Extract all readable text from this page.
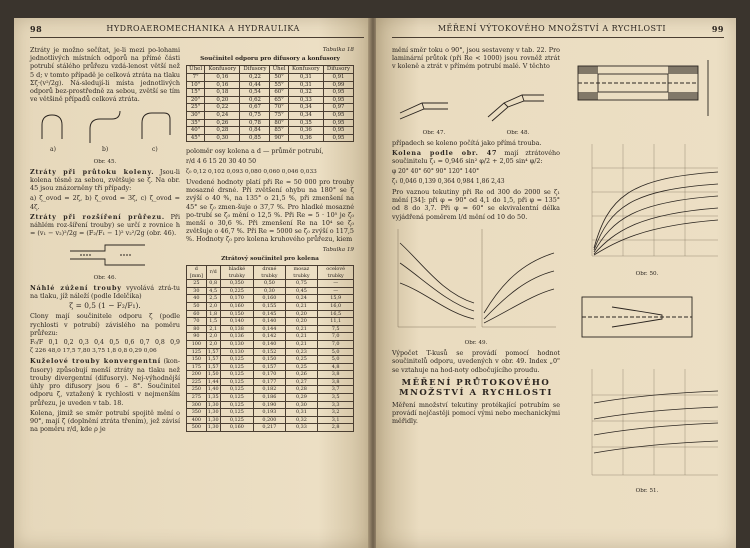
98	HYDROAEROMECHANIKA A HYDRAULIKA

Ztráty je možno sečítat, je-li mezi po-lohami jednotlivých místních odporů na přímé části potrubí stálého průřezu vzdá-lenost větší než 5 d; v tomto případě je celková ztráta na tlaku Σζ·(v²/2g). Ná-sledují-li místa jednotlivých odporů bez-prostředně za sebou, zvětší se tím ve většině případů celková ztráta.

a)	b)	c)
Obr. 45.

Ztráty při průtoku koleny. Jsou-li kolena těsně za sebou, zvětšuje se ζ. Na obr. 45 jsou znázorněny tři případy:

a) ζ_ovod = 2ζ, b) ζ_ovod = 3ζ, c) ζ_ovod = 4ζ.

Ztráty při rozšíření průřezu. Při náhlém roz-šíření trouby) se určí z rovnice h = (v₁ − v₂)²/2g = (F₂/F₁ − 1)² v₂²/2g (obr. 46).

Obr. 46.

Náhlé zúžení trouby vyvolává ztrá-tu na tlaku, jíž náleží (podle Idelčika)

ζ = 0,5 (1 − F₂/F₁).

Clony mají součinitele odporu ζ (podle rychlosti v potrubí) závislého na poměru průřezu:

F₀/F 0,1 0,2 0,3 0,4 0,5 0,6 0,7 0,8 0,9

ζ 226 48,0 17,5 7,80 3,75 1,8 0,8 0,29 0,06

Kuželové trouby konvergentní (kon-fusory) způsobují menší ztráty na tlaku než trouby divergentní (difusory). Nej-výhodnější úhly pro difusory jsou 6 – 8°. Součinitel odporu ζ, vztažený k rychlosti v nejmenším průřezu, je uveden v tab. 18.

Kolena, jimiž se směr potrubí spojitě mění o 90°, mají ζ (doplnění ztráta třením), jež závisí na poměru r/d, kde ρ je

Tabulka 18
Součinitel odporu pro difusory a konfusory
Úhel	Konfusory	Difusory	Úhel	Konfusory	Difusory
7°	0,16	0,22	50°	0,31	0,91
10°	0,16	0,44	55°	0,31	0,99
15°	0,18	0,54	60°	0,32	0,95
20°	0,20	0,62	65°	0,33	0,95
25°	0,22	0,67	70°	0,34	0,97
30°	0,24	0,75	75°	0,34	0,95
35°	0,26	0,78	80°	0,35	0,95
40°	0,28	0,84	85°	0,36	0,95
45°	0,30	0,85	90°	0,36	0,95

poloměr osy kolena a d — průměr potrubí,

r/d 4 6 15 20 30 40 50

ζ₀ 0,12 0,102 0,093 0,080 0,060 0,046 0,033

Uvedené hodnoty platí při Re = 50 000 pro trouby mosazné drsné. Při zvětšení ohybu na 180° se ζ zvýší o 40 %, na 135° o 21,5 %, při zmenšení na 45° se ζ₀ zmen-šuje o 37,7 %. Pro hladké mosazné po-trubí se ζ₀ mění o 12,5 %. Při Re = 5 · 10⁵ je ζ₀ menší o 30,6 %. Při zmenšení Re na 10⁴ se ζ₀ zvětšuje o 46,7 %. Při Re = 5000 se ζ₀ zvýší o 117,5 %. Hodnoty ζ₀ pro kolena kruhového průřezu, kiem

Tabulka 19
Ztrátový součinitel pro kolena
d [mm]	r/d	hladké trubky	drsné trubky	mosaz trubky	ocelové trubky
25	0,8	0,350	0,50	0,75	—
30	4,5	0,225	0,30	0,45	—
40	2,5	0,170	0,160	0,24	15,9
50	2,0	0,160	0,155	0,21	16,0
60	1,8	0,150	0,145	0,20	16,5
70	1,5	0,140	0,140	0,20	11,1
80	2,1	0,138	0,144	0,21	7,5
90	2,0	0,136	0,142	0,21	7,0
100	2,0	0,130	0,140	0,21	7,0
125	1,57	0,130	0,152	0,23	5,0
150	1,57	0,125	0,150	0,25	5,0
175	1,57	0,125	0,157	0,25	4,8
200	1,50	0,125	0,170	0,26	3,8
225	1,44	0,125	0,177	0,27	3,8
250	1,40	0,125	0,182	0,28	3,7
275	1,35	0,125	0,186	0,29	3,5
300	1,30	0,125	0,190	0,30	3,3
350	1,30	0,125	0,193	0,31	3,2
400	1,30	0,125	0,200	0,32	3,1
500	1,30	0,160	0,217	0,33	2,8
MĚŘENÍ VÝTOKOVÉHO MNOŽSTVÍ A RYCHLOSTI	99

mění směr toku o 90°, jsou sestaveny v tab. 22. Pro laminární průtok (při Re < 1000) jsou rovněž ztrát v koleně a ztrát v přímém potrubí malé. V těchto

Obr. 47.	Obr. 48.

případech se koleno počítá jako přímá trouba.

Kolena podle obr. 47 mají ztrátového součinitelu ζ₁ = 0,946 sin² φ/2 + 2,05 sin⁴ φ/2:

φ 20° 40° 60° 90° 120° 140°

ζ₁ 0,046 0,139 0,364 0,984 1,86 2,43

Pro vaznou tekutiny při Re od 300 do 2000 se ζ₁ mění [34]: při φ = 90° od 4,1 do 1,5, při φ = 135° od 8 do 3,7. Při φ = 60° se ekvivalentní délka vyjádřená poměrem l/d mění od 10 do 50.

Obr. 49.

Výpočet T-kusů se provádí pomocí hodnot součinitelů odporu, uvedených v obr. 49. Index „0" se vztahuje na hod-noty odbočujícího proudu.

MĚŘENÍ PRŮTOKOVÉHO MNOŽSTVÍ A RYCHLOSTI

Měření množství tekutiny protékající potrubím se provádí nejčastěji pomocí vými nebo mechanickými měřidly.

Obr. 50.

Obr. 51.
